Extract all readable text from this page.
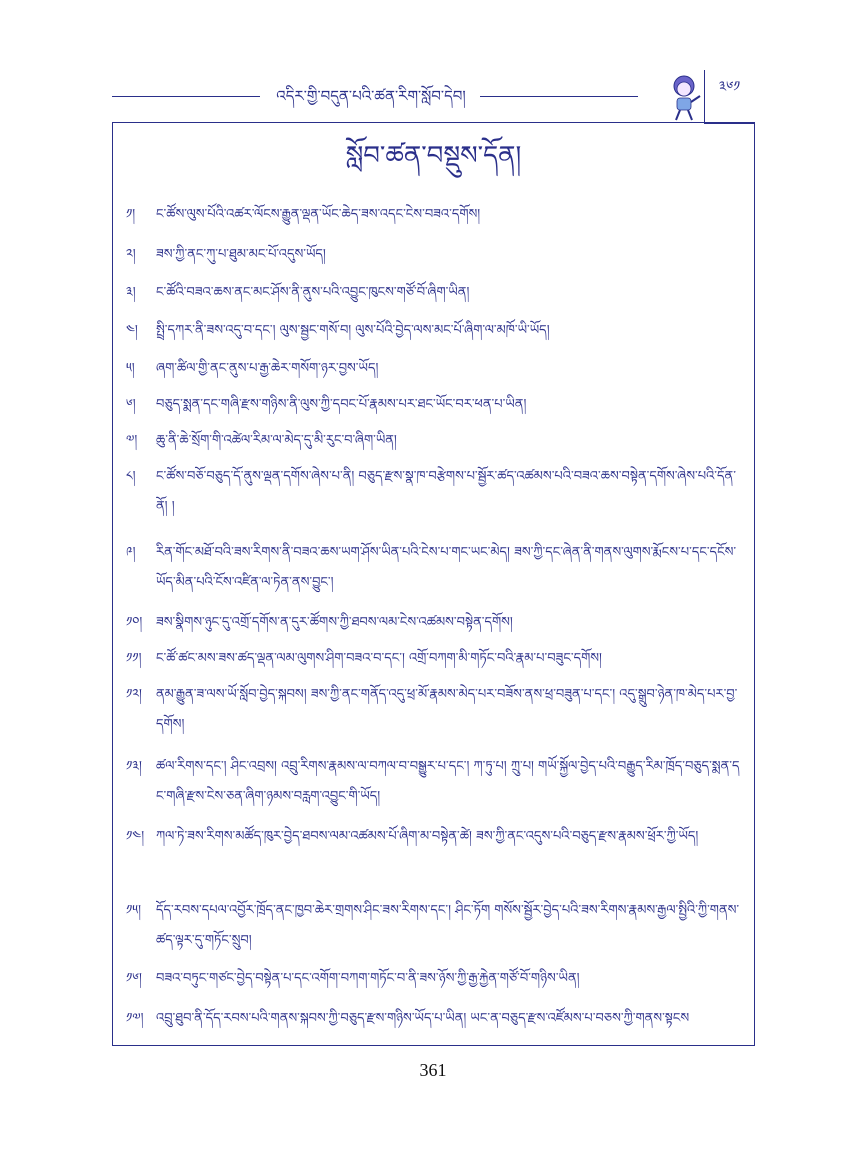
འདིར་གྱི་བདུན་པའི་ཚན་རིག་སློབ་དེབ།	༣༦༡
སློབ་ཚན་བསྡུས་དོན།
༡།	ང་ཚོས་ལུས་པོའི་འཚར་ལོངས་རྒྱུན་ལྡན་ཡོང་ཆེད་ཟས་འདང་ངེས་བཟའ་དགོས།
༢།	ཟས་ཀྱི་ནང་ཀུ་པ་ཐུམ་མང་པོ་འདུས་ཡོད།
༣།	ང་ཚོའི་བཟའ་ཆས་ནང་མང་ཤོས་ནི་ནུས་པའི་འབྱུང་ཁུངས་གཙོ་བོ་ཞིག་ཡིན།
༤།	སྤྲི་དཀར་ནི་ཟས་འདུ་བ་དང་། ལུས་སྦྱང་གསོ་བ། ལུས་པོའི་བྱེད་ལས་མང་པོ་ཞིག་ལ་མཁོ་ཡི་ཡོད།
༥།	ཞག་ཚིལ་གྱི་ནང་ནུས་པ་རྒྱ་ཆེར་གསོག་ཉར་བྱས་ཡོད།
༦།	བཅུད་སྨན་དང་གཞི་རྫས་གཉིས་ནི་ལུས་ཀྱི་དབང་པོ་རྣམས་པར་ཐང་ཡོང་བར་ཕན་པ་ཡིན།
༧།	ཆུ་ནི་ཆེ་སྲོག་གི་འཚེལ་རིམ་ལ་མེད་དུ་མི་རུང་བ་ཞིག་ཡིན།
༨།	ང་ཚོས་བཅོ་བཅུད་དོ་ནུས་ལྡན་དགོས་ཞེས་པ་ནི། བཅུད་རྫས་སྣ་ཁ་བརྩེགས་པ་སྦྱོར་ཚད་འཚམས་པའི་བཟའ་ཆས་བསྟེན་དགོས་ཞེས་པའི་དོན་ནོ། །
༩།	རིན་གོང་མཐོ་བའི་ཟས་རིགས་ནི་བཟའ་ཆས་ཡག་ཤོས་ཡིན་པའི་ངེས་པ་གང་ཡང་མེད། ཟས་ཀྱི་དང་ཞེན་ནི་གནས་ལུགས་རྨོངས་པ་དང་དངོས་ཡོད་མིན་པའི་ངོས་འཛིན་ལ་ཏེན་ནས་བྱུང་།
༡༠།	ཟས་སྣིགས་ཉུང་དུ་འགྲོ་དགོས་ན་དུར་ཚོགས་ཀྱི་ཐབས་ལམ་ངེས་འཚམས་བསྟེན་དགོས།
༡༡།	ང་ཚོ་ཚང་མས་ཟས་ཚད་ལྡན་ལམ་ལུགས་ཤིག་བཟའ་བ་དང་། འགྲོ་བཀག་མི་གཏོང་བའི་རྣམ་པ་བཟུང་དགོས།
༡༢།	ནམ་རྒྱུན་ཟ་ལས་ཡོ་སློབ་བྱེད་སྐབས། ཟས་ཀྱི་ནང་གནོད་འདུ་ཕྲ་མོ་རྣམས་མེད་པར་བཟོས་ནས་ཕྲ་བཟུན་པ་དང་། འདུ་སྒྲུབ་ཉེན་ཁ་མེད་པར་བྱ་དགོས།
༡༣།	ཚལ་རིགས་དང་། ཤིང་འབྲས། འབྲུ་རིགས་རྣམས་ལ་བཀལ་བ་བསྒྱུར་པ་དང་། ཀ་ཏུ་པ། ཀྲུ་པ། གཡོ་སྐྱོལ་བྱེད་པའི་བརྒྱུད་རིམ་ཁྲོད་བཅུད་སྨན་དང་གཞི་རྫས་ངེས་ཅན་ཞིག་ཉམས་བརླག་འབྱུང་གི་ཡོད།
༡༤། ཀལ་ཏེ་ཟས་རིགས་མཚོད་ཁུར་བྱེད་ཐབས་ལམ་འཚམས་པོ་ཞིག་མ་བསྟེན་ཚེ། ཟས་ཀྱི་ནང་འདུས་པའི་བཅུད་རྫས་རྣམས་ཕྲོར་ཀྱི་ཡོད།
༡༥།	དོད་རབས་དཔལ་འབྱོར་ཁྲོད་ནང་ཁྱབ་ཆེར་གྲགས་ཤིང་ཟས་རིགས་དང་། ཤིང་ཏོག གསོས་སྦྱོར་བྱེད་པའི་ཟས་རིགས་རྣམས་རྒྱལ་སྤྱིའི་ཀྱི་གནས་ཚད་ལྟར་དུ་གཏོང་སྲུབ།
༡༦།	བཟའ་བཏུང་གཙང་བྱེད་བསྟེན་པ་དང་འགོག་བཀག་གཏོང་བ་ནི་ཟས་ཉོས་ཀྱི་རྒྱ་རྐྱེན་གཙོ་བོ་གཉིས་ཡིན།
༡༧། འབྲུ་ཐུབ་ནི་དོད་རབས་པའི་གནས་སྐབས་ཀྱི་བཅུད་རྫས་གཉིས་ཡོད་པ་ཡིན། ཡང་ན་བཅུད་རྫས་འཛོམས་པ་བཅས་ཀྱི་གནས་སྟངས
361
